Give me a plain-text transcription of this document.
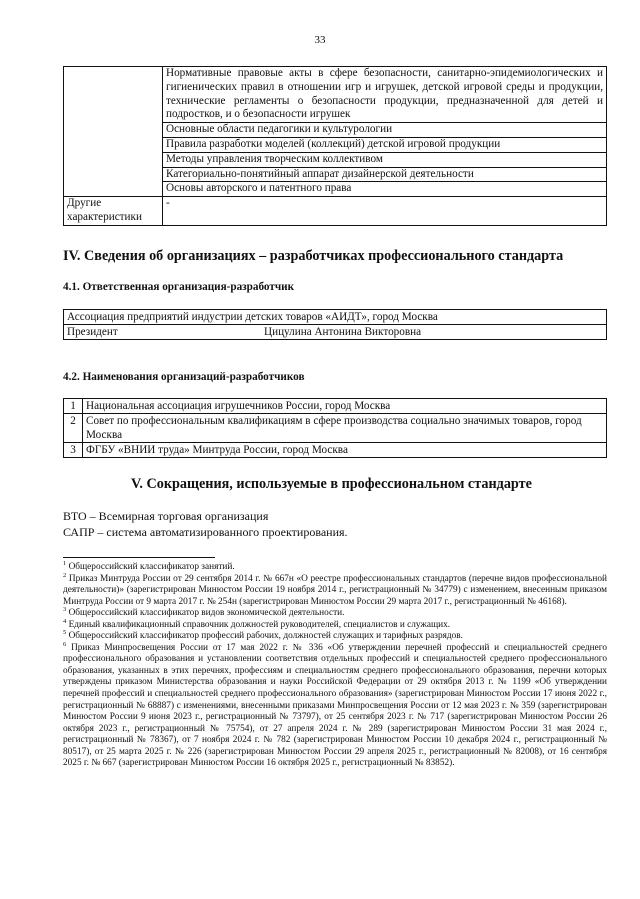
33
	Нормативные правовые акты в сфере безопасности, санитарно-эпидемиологических и гигиенических правил в отношении игр и игрушек, детской игровой среды и продукции, технические регламенты о безопасности продукции, предназначенной для детей и подростков, и о безопасности игрушек
	Основные области педагогики и культурологии
	Правила разработки моделей (коллекций) детской игровой продукции
	Методы управления творческим коллективом
	Категориально-понятийный аппарат дизайнерской деятельности
	Основы авторского и патентного права
Другие характеристики	-
IV. Сведения об организациях – разработчиках профессионального стандарта
4.1. Ответственная организация-разработчик
Ассоциация предприятий индустрии детских товаров «АИДТ», город Москва
Президент	Цицулина Антонина Викторовна
4.2. Наименования организаций-разработчиков
1	Национальная ассоциация игрушечников России, город Москва
2	Совет по профессиональным квалификациям в сфере производства социально значимых товаров, город Москва
3	ФГБУ «ВНИИ труда» Минтруда России, город Москва
V. Сокращения, используемые в профессиональном стандарте
ВТО – Всемирная торговая организация
САПР – система автоматизированного проектирования.

$^1$ Общероссийский классификатор занятий.

$^2$ Приказ Минтруда России от 29 сентября 2014 г. № 667н «О реестре профессиональных стандартов (перечне видов профессиональной деятельности)» (зарегистрирован Минюстом России 19 ноября 2014 г., регистрационный № 34779) с изменением, внесенным приказом Минтруда России от 9 марта 2017 г. № 254н (зарегистрирован Минюстом России 29 марта 2017 г., регистрационный № 46168).

$^3$ Общероссийский классификатор видов экономической деятельности.

$^4$ Единый квалификационный справочник должностей руководителей, специалистов и служащих.

$^5$ Общероссийский классификатор профессий рабочих, должностей служащих и тарифных разрядов.

$^6$ Приказ Минпросвещения России от 17 мая 2022 г. № 336 «Об утверждении перечней профессий и специальностей среднего профессионального образования и установлении соответствия отдельных профессий и специальностей среднего профессионального образования, указанных в этих перечнях, профессиям и специальностям среднего профессионального образования, перечни которых утверждены приказом Министерства образования и науки Российской Федерации от 29 октября 2013 г. № 1199 «Об утверждении перечней профессий и специальностей среднего профессионального образования» (зарегистрирован Минюстом России 17 июня 2022 г., регистрационный № 68887) с изменениями, внесенными приказами Минпросвещения России от 12 мая 2023 г. № 359 (зарегистрирован Минюстом России 9 июня 2023 г., регистрационный № 73797), от 25 сентября 2023 г. № 717 (зарегистрирован Минюстом России 26 октября 2023 г., регистрационный № 75754), от 27 апреля 2024 г. № 289 (зарегистрирован Минюстом России 31 мая 2024 г., регистрационный № 78367), от 7 ноября 2024 г. № 782 (зарегистрирован Минюстом России 10 декабря 2024 г., регистрационный № 80517), от 25 марта 2025 г. № 226 (зарегистрирован Минюстом России 29 апреля 2025 г., регистрационный № 82008), от 16 сентября 2025 г. № 667 (зарегистрирован Минюстом России 16 октября 2025 г., регистрационный № 83852).
